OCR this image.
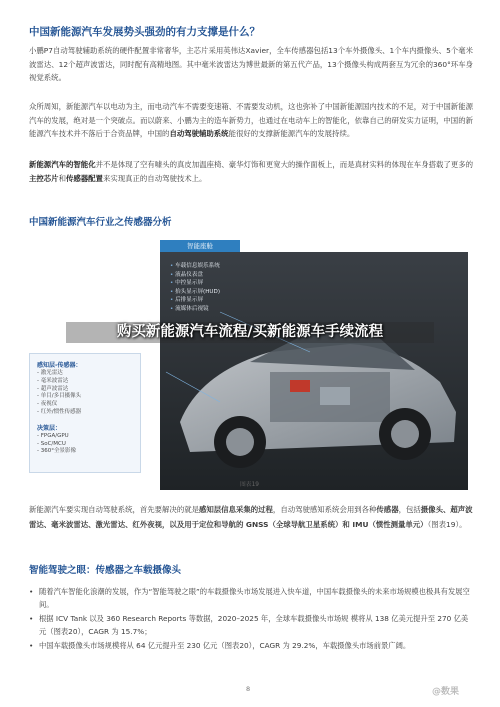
中国新能源汽车发展势头强劲的有力支撑是什么？

小鹏P7自动驾驶辅助系统的硬件配置非常奢华，主芯片采用英伟达Xavier，全车传感器包括13个车外摄像头、1个车内摄像头、5个毫米波雷达、12个超声波雷达，同时配有高精地图。其中毫米波雷达为博世最新的第五代产品，13个摄像头构成两套互为冗余的360°环车身视觉系统。

众所周知，新能源汽车以电动为主，而电动汽车不需要变速箱、不需要发动机，这也弥补了中国新能源国内技术的不足，对于中国新能源汽车的发展，绝对是一个突破点。而以蔚来、小鹏为主的造车新势力，也通过在电动车上的智能化，依靠自己的研发实力证明，中国的新能源汽车技术并不落后于合资品牌，中国的自动驾驶辅助系统能很好的支撑新能源汽车的发展持续。

新能源汽车的智能化并不是体现了空有噱头的真皮加温座椅、豪华灯饰和更宽大的操作面板上，而是真材实料的体现在车身搭载了更多的主控芯片和传感器配置来实现真正的自动驾驶技术上。

中国新能源汽车行业之传感器分析
智能座舱
• 车载信息娱乐系统
• 液晶仪表盘
• 中控显示屏
• 抬头显示屏(HUD)
• 后排显示屏
• 流媒体后视镜
感知层-传感器：
- 激光雷达
- 毫米波雷达
- 超声波雷达
- 单目/多目摄像头
- 夜视仪
- 红外/惯性传感器
决策层：
- FPGA/GPU
- SoC/MCU
- 360°全景影像
购买新能源汽车流程/买新能源车手续流程
图表19

新能源汽车要实现自动驾驶系统，首先要解决的就是感知层信息采集的过程，自动驾驶感知系统会用到各种传感器，包括摄像头、超声波雷达、毫米波雷达、激光雷达、红外夜视，以及用于定位和导航的 GNSS（全球导航卫星系统）和 IMU（惯性测量单元）（图表19）。

智能驾驶之眼：传感器之车载摄像头
• 随着汽车智能化浪潮的发展，作为“智能驾驶之眼”的车载摄像头市场发展进入快车道，中国车载摄像头的未来市场规模也极具有发展空间。
• 根据 ICV Tank 以及 360 Research Reports 等数据，2020–2025 年，全球车载摄像头市场规 模将从 138 亿美元提升至 270 亿美元（图表20），CAGR 为 15.7%；
• 中国车载摄像头市场规模将从 64 亿元提升至 230 亿元（图表20），CAGR 为 29.2%，车载摄像头市场前景广阔。
8	@数果
